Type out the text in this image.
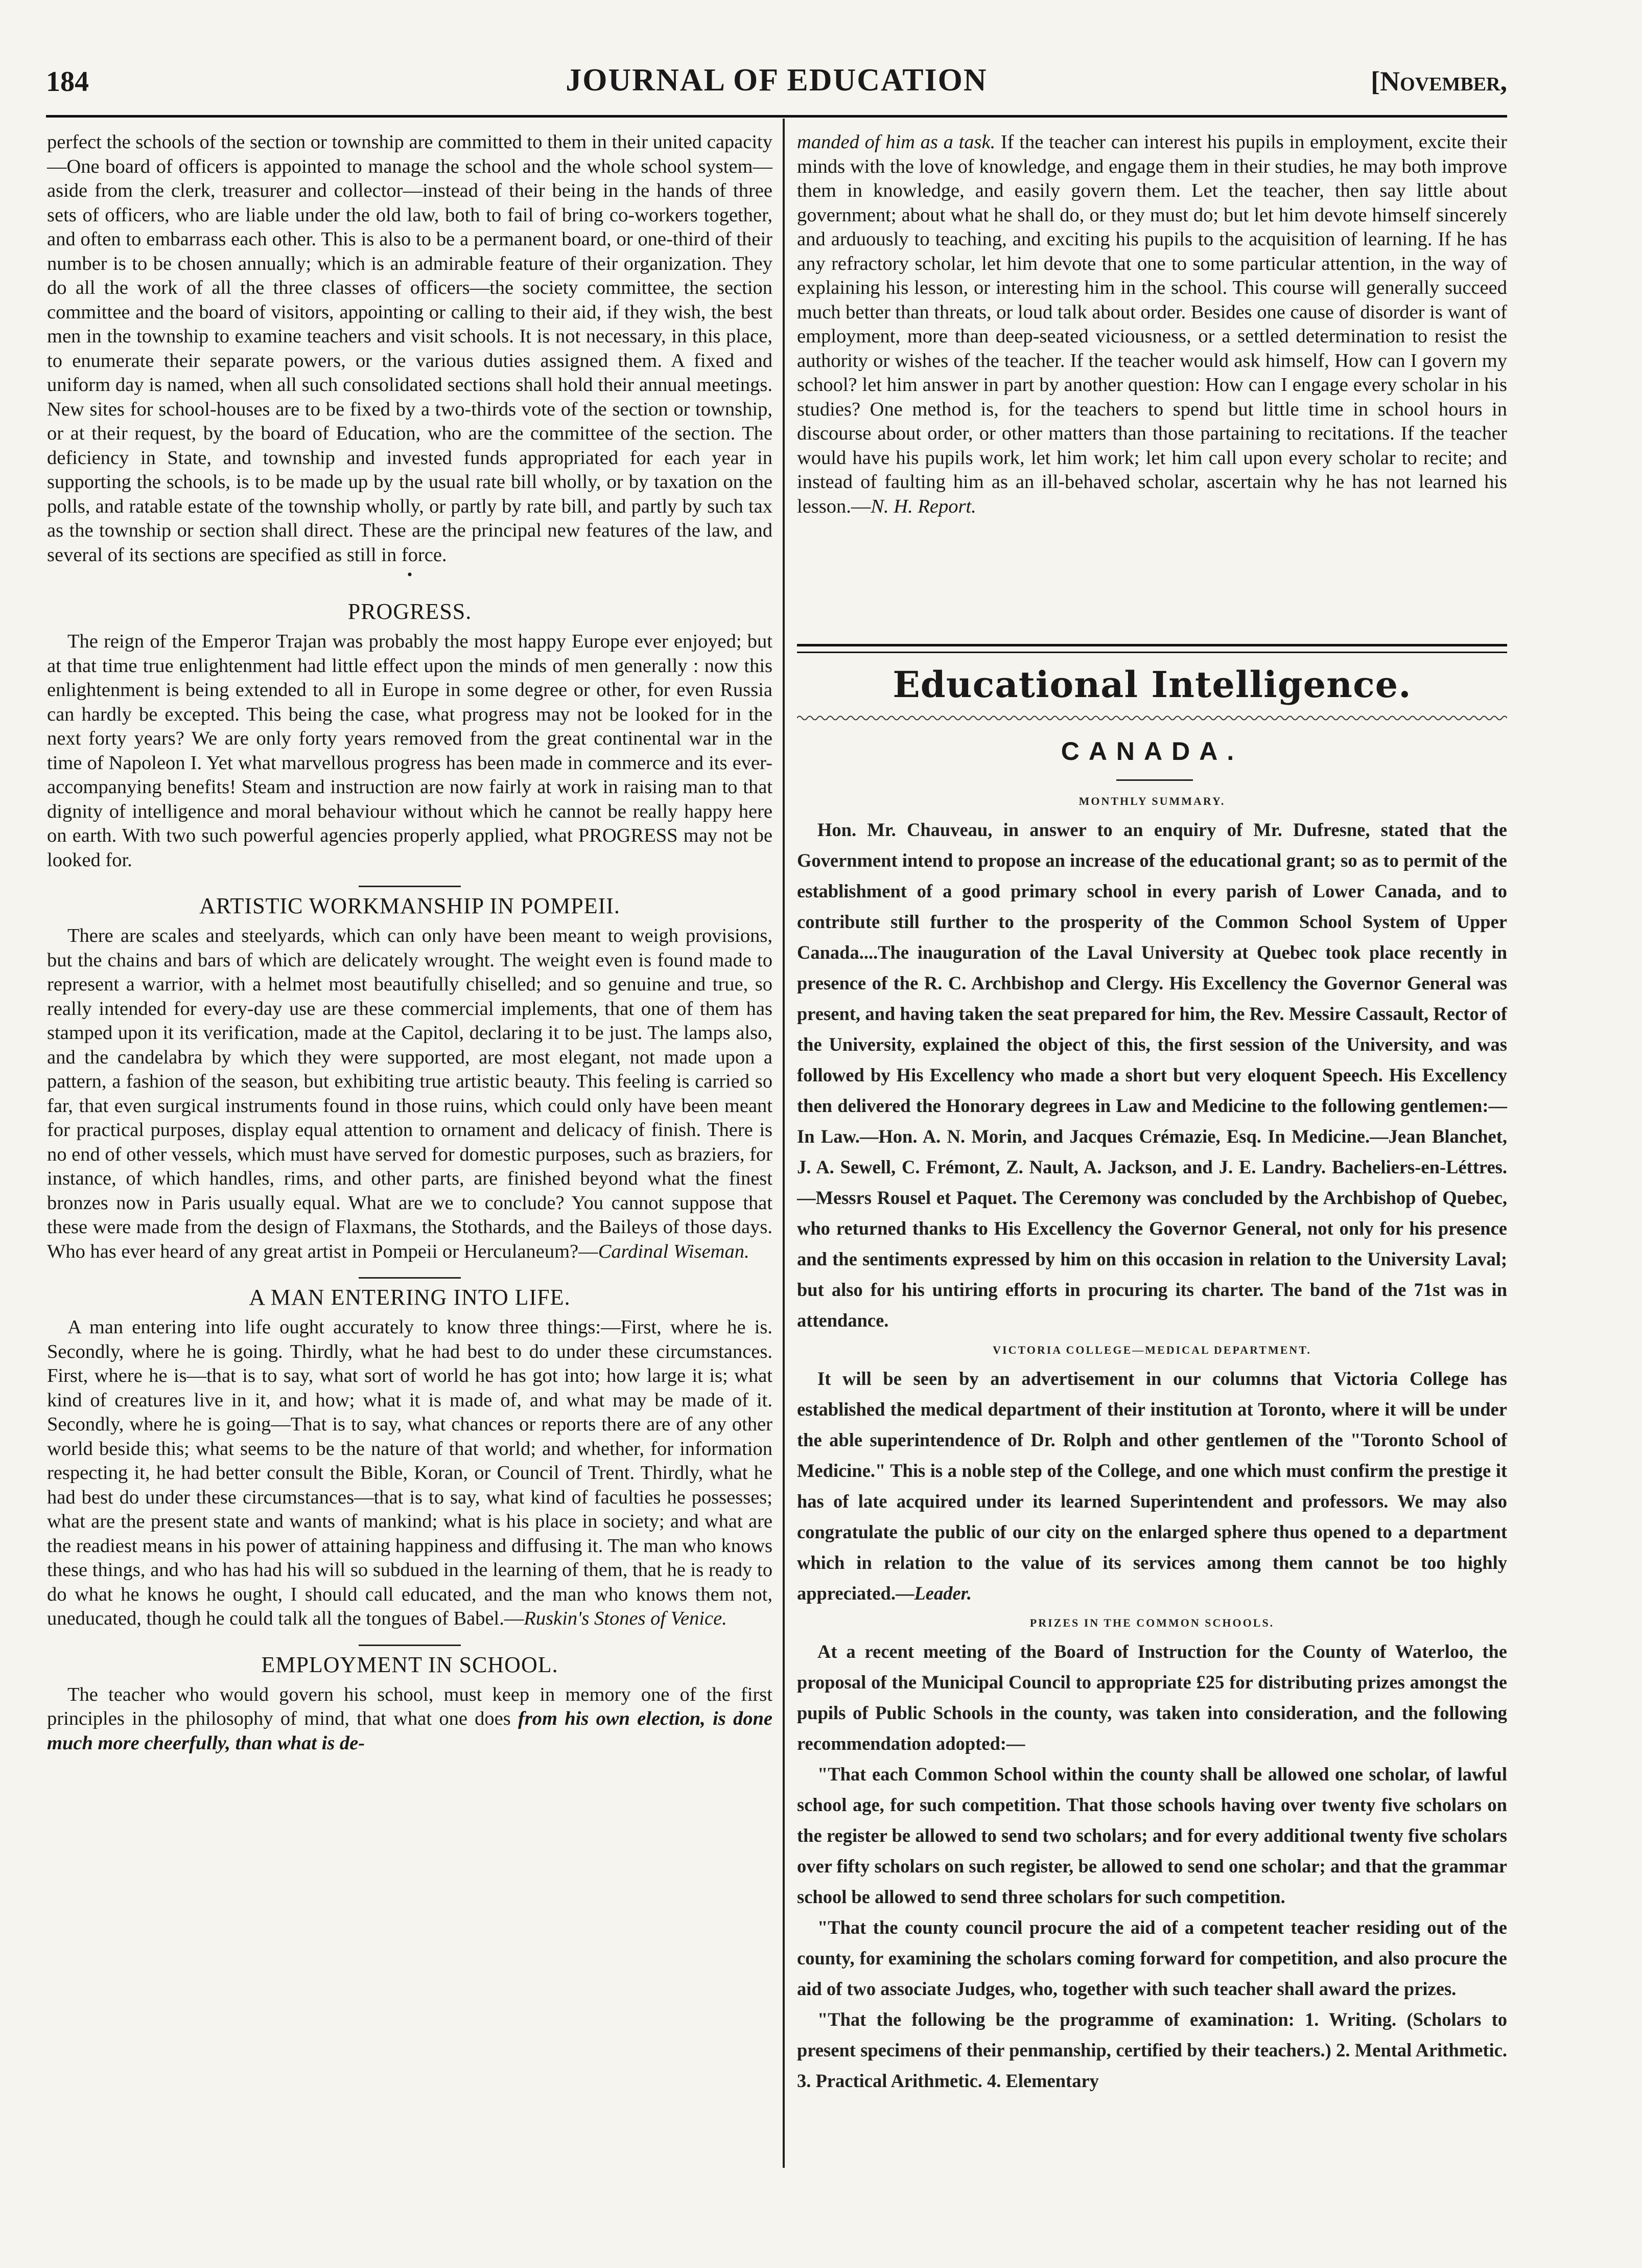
184	JOURNAL OF EDUCATION	[November,

perfect the schools of the section or township are committed to them in their united capacity—One board of officers is appointed to manage the school and the whole school system—aside from the clerk, treasurer and collector—instead of their being in the hands of three sets of officers, who are liable under the old law, both to fail of bring co-workers together, and often to embarrass each other. This is also to be a permanent board, or one-third of their number is to be chosen annually; which is an admirable feature of their organization. They do all the work of all the three classes of officers—the society committee, the section committee and the board of visitors, appointing or calling to their aid, if they wish, the best men in the township to examine teachers and visit schools. It is not necessary, in this place, to enumerate their separate powers, or the various duties assigned them. A fixed and uniform day is named, when all such consolidated sections shall hold their annual meetings. New sites for school-houses are to be fixed by a two-thirds vote of the section or township, or at their request, by the board of Education, who are the committee of the section. The deficiency in State, and township and invested funds appropriated for each year in supporting the schools, is to be made up by the usual rate bill wholly, or by taxation on the polls, and ratable estate of the township wholly, or partly by rate bill, and partly by such tax as the township or section shall direct. These are the principal new features of the law, and several of its sections are specified as still in force.

•

PROGRESS.

The reign of the Emperor Trajan was probably the most happy Europe ever enjoyed; but at that time true enlightenment had little effect upon the minds of men generally : now this enlightenment is being extended to all in Europe in some degree or other, for even Russia can hardly be excepted. This being the case, what progress may not be looked for in the next forty years? We are only forty years removed from the great continental war in the time of Napoleon I. Yet what marvellous progress has been made in commerce and its ever-accompanying benefits! Steam and instruction are now fairly at work in raising man to that dignity of intelligence and moral behaviour without which he cannot be really happy here on earth. With two such powerful agencies properly applied, what PROGRESS may not be looked for.

ARTISTIC WORKMANSHIP IN POMPEII.

There are scales and steelyards, which can only have been meant to weigh provisions, but the chains and bars of which are delicately wrought. The weight even is found made to represent a warrior, with a helmet most beautifully chiselled; and so genuine and true, so really intended for every-day use are these commercial implements, that one of them has stamped upon it its verification, made at the Capitol, declaring it to be just. The lamps also, and the candelabra by which they were supported, are most elegant, not made upon a pattern, a fashion of the season, but exhibiting true artistic beauty. This feeling is carried so far, that even surgical instruments found in those ruins, which could only have been meant for practical purposes, display equal attention to ornament and delicacy of finish. There is no end of other vessels, which must have served for domestic purposes, such as braziers, for instance, of which handles, rims, and other parts, are finished beyond what the finest bronzes now in Paris usually equal. What are we to conclude? You cannot suppose that these were made from the design of Flaxmans, the Stothards, and the Baileys of those days. Who has ever heard of any great artist in Pompeii or Herculaneum?—Cardinal Wiseman.

A MAN ENTERING INTO LIFE.

A man entering into life ought accurately to know three things:—First, where he is. Secondly, where he is going. Thirdly, what he had best to do under these circumstances. First, where he is—that is to say, what sort of world he has got into; how large it is; what kind of creatures live in it, and how; what it is made of, and what may be made of it. Secondly, where he is going—That is to say, what chances or reports there are of any other world beside this; what seems to be the nature of that world; and whether, for information respecting it, he had better consult the Bible, Koran, or Council of Trent. Thirdly, what he had best do under these circumstances—that is to say, what kind of faculties he possesses; what are the present state and wants of mankind; what is his place in society; and what are the readiest means in his power of attaining happiness and diffusing it. The man who knows these things, and who has had his will so subdued in the learning of them, that he is ready to do what he knows he ought, I should call educated, and the man who knows them not, uneducated, though he could talk all the tongues of Babel.—Ruskin's Stones of Venice.

EMPLOYMENT IN SCHOOL.

The teacher who would govern his school, must keep in memory one of the first principles in the philosophy of mind, that what one does from his own election, is done much more cheerfully, than what is de-

manded of him as a task. If the teacher can interest his pupils in employment, excite their minds with the love of knowledge, and engage them in their studies, he may both improve them in knowledge, and easily govern them. Let the teacher, then say little about government; about what he shall do, or they must do; but let him devote himself sincerely and arduously to teaching, and exciting his pupils to the acquisition of learning. If he has any refractory scholar, let him devote that one to some particular attention, in the way of explaining his lesson, or interesting him in the school. This course will generally succeed much better than threats, or loud talk about order. Besides one cause of disorder is want of employment, more than deep-seated viciousness, or a settled determination to resist the authority or wishes of the teacher. If the teacher would ask himself, How can I govern my school? let him answer in part by another question: How can I engage every scholar in his studies? One method is, for the teachers to spend but little time in school hours in discourse about order, or other matters than those partaining to recitations. If the teacher would have his pupils work, let him work; let him call upon every scholar to recite; and instead of faulting him as an ill-behaved scholar, ascertain why he has not learned his lesson.—N. H. Report.

Educational Intelligence.
CANADA.
MONTHLY SUMMARY.

Hon. Mr. Chauveau, in answer to an enquiry of Mr. Dufresne, stated that the Government intend to propose an increase of the educational grant; so as to permit of the establishment of a good primary school in every parish of Lower Canada, and to contribute still further to the prosperity of the Common School System of Upper Canada....The inauguration of the Laval University at Quebec took place recently in presence of the R. C. Archbishop and Clergy. His Excellency the Governor General was present, and having taken the seat prepared for him, the Rev. Messire Cassault, Rector of the University, explained the object of this, the first session of the University, and was followed by His Excellency who made a short but very eloquent Speech. His Excellency then delivered the Honorary degrees in Law and Medicine to the following gentlemen:—In Law.—Hon. A. N. Morin, and Jacques Crémazie, Esq. In Medicine.—Jean Blanchet, J. A. Sewell, C. Frémont, Z. Nault, A. Jackson, and J. E. Landry. Bacheliers-en-Léttres.—Messrs Rousel et Paquet. The Ceremony was concluded by the Archbishop of Quebec, who returned thanks to His Excellency the Governor General, not only for his presence and the sentiments expressed by him on this occasion in relation to the University Laval; but also for his untiring efforts in procuring its charter. The band of the 71st was in attendance.

VICTORIA COLLEGE—MEDICAL DEPARTMENT.

It will be seen by an advertisement in our columns that Victoria College has established the medical department of their institution at Toronto, where it will be under the able superintendence of Dr. Rolph and other gentlemen of the "Toronto School of Medicine." This is a noble step of the College, and one which must confirm the prestige it has of late acquired under its learned Superintendent and professors. We may also congratulate the public of our city on the enlarged sphere thus opened to a department which in relation to the value of its services among them cannot be too highly appreciated.—Leader.

PRIZES IN THE COMMON SCHOOLS.

At a recent meeting of the Board of Instruction for the County of Waterloo, the proposal of the Municipal Council to appropriate £25 for distributing prizes amongst the pupils of Public Schools in the county, was taken into consideration, and the following recommendation adopted:—

"That each Common School within the county shall be allowed one scholar, of lawful school age, for such competition. That those schools having over twenty five scholars on the register be allowed to send two scholars; and for every additional twenty five scholars over fifty scholars on such register, be allowed to send one scholar; and that the grammar school be allowed to send three scholars for such competition.

"That the county council procure the aid of a competent teacher residing out of the county, for examining the scholars coming forward for competition, and also procure the aid of two associate Judges, who, together with such teacher shall award the prizes.

"That the following be the programme of examination: 1. Writing. (Scholars to present specimens of their penmanship, certified by their teachers.) 2. Mental Arithmetic. 3. Practical Arithmetic. 4. Elementary
